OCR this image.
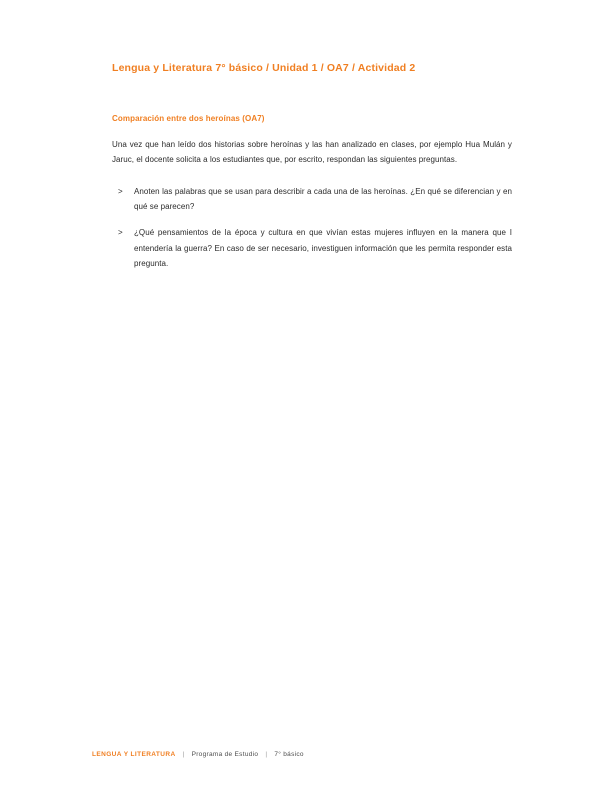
Lengua y Literatura 7° básico / Unidad 1 / OA7 / Actividad 2
Comparación entre dos heroínas (OA7)

Una vez que han leído dos historias sobre heroínas y las han analizado en clases, por ejemplo Hua Mulán y Jaruc, el docente solicita a los estudiantes que, por escrito, respondan las siguientes preguntas.

> Anoten las palabras que se usan para describir a cada una de las heroínas. ¿En qué se diferencian y en qué se parecen?
> ¿Qué pensamientos de la época y cultura en que vivían estas mujeres influyen en la manera que I entendería la guerra? En caso de ser necesario, investiguen información que les permita responder esta pregunta.
LENGUA Y LITERATURA | Programa de Estudio | 7° básico
